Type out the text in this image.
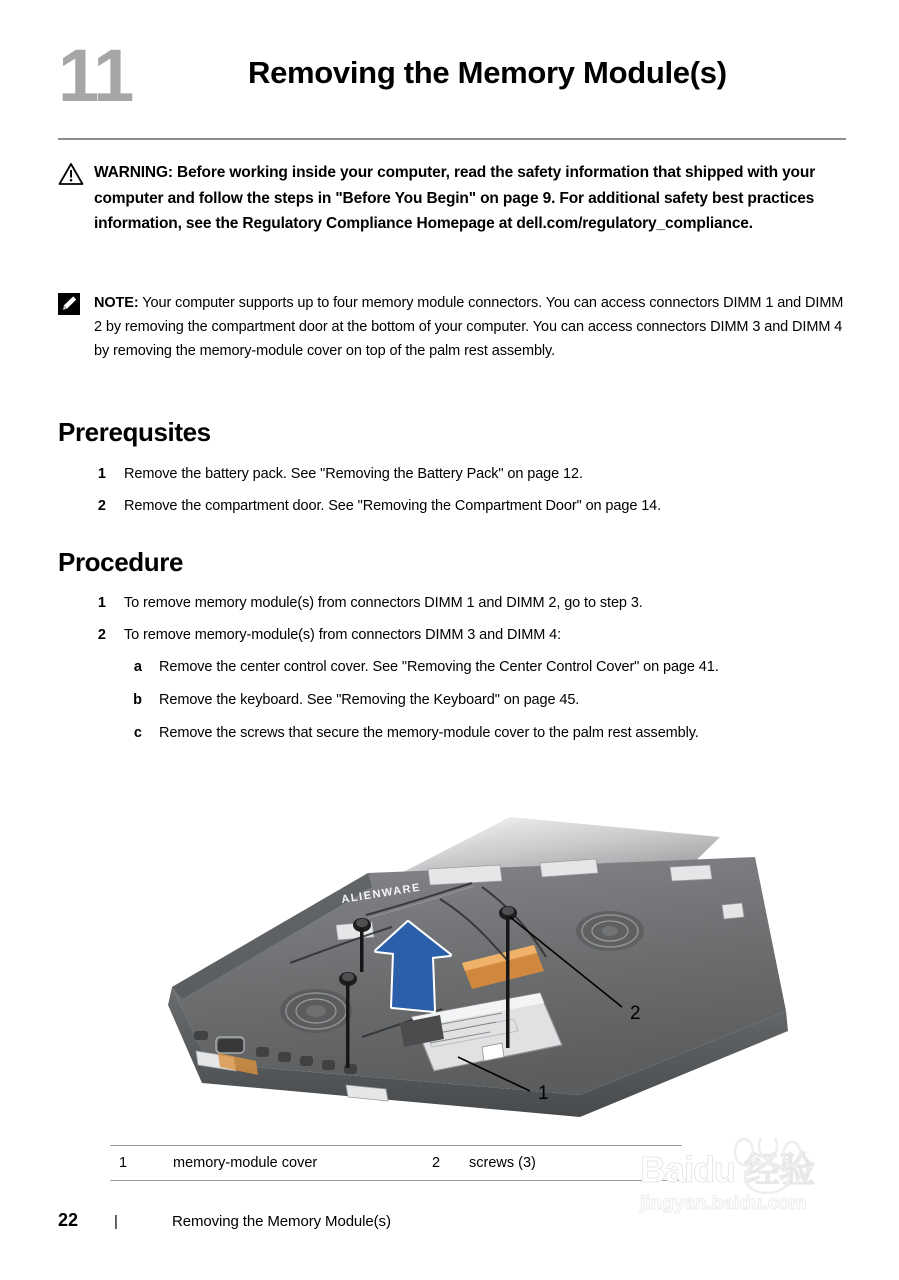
11	Removing the Memory Module(s)
WARNING: Before working inside your computer, read the safety information that shipped with your computer and follow the steps in "Before You Begin" on page 9. For additional safety best practices information, see the Regulatory Compliance Homepage at dell.com/regulatory_compliance.
NOTE: Your computer supports up to four memory module connectors. You can access connectors DIMM 1 and DIMM 2 by removing the compartment door at the bottom of your computer. You can access connectors DIMM 3 and DIMM 4 by removing the memory-module cover on top of the palm rest assembly.
Prerequsites
1	Remove the battery pack. See "Removing the Battery Pack" on page 12.
2	Remove the compartment door. See "Removing the Compartment Door" on page 14.
Procedure
1	To remove memory module(s) from connectors DIMM 1 and DIMM 2, go to step 3.
2	To remove memory-module(s) from connectors DIMM 3 and DIMM 4:
a	Remove the center control cover. See "Removing the Center Control Cover" on page 41.
b	Remove the keyboard. See "Removing the Keyboard" on page 45.
c	Remove the screws that secure the memory-module cover to the palm rest assembly.
ALIENWARE
2
1
1	memory-module cover	2	screws (3)
22	|	Removing the Memory Module(s)
Baidu 经验
jingyan.baidu.com
